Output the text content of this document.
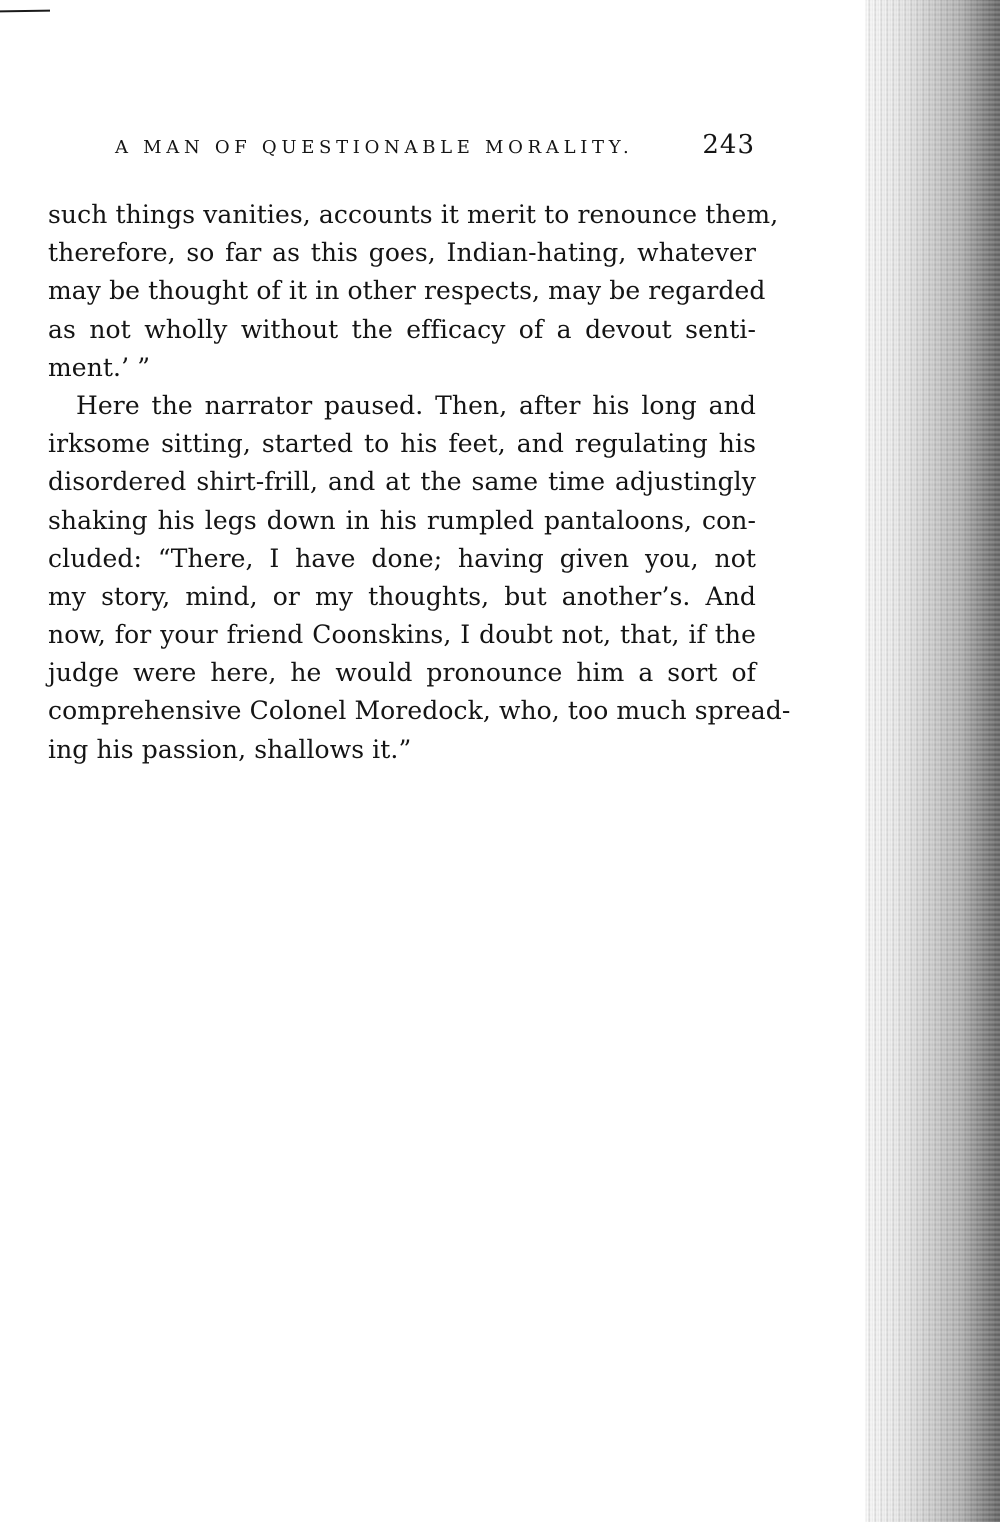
A MAN OF QUESTIONABLE MORALITY.	243
such things vanities, accounts it merit to renounce them,
therefore, so far as this goes, Indian-hating, whatever
may be thought of it in other respects, may be regarded
as not wholly without the efficacy of a devout senti-
ment.’ ”
Here the narrator paused. Then, after his long and
irksome sitting, started to his feet, and regulating his
disordered shirt-frill, and at the same time adjustingly
shaking his legs down in his rumpled pantaloons, con-
cluded: “There, I have done; having given you, not
my story, mind, or my thoughts, but another’s. And
now, for your friend Coonskins, I doubt not, that, if the
judge were here, he would pronounce him a sort of
comprehensive Colonel Moredock, who, too much spread-
ing his passion, shallows it.”
